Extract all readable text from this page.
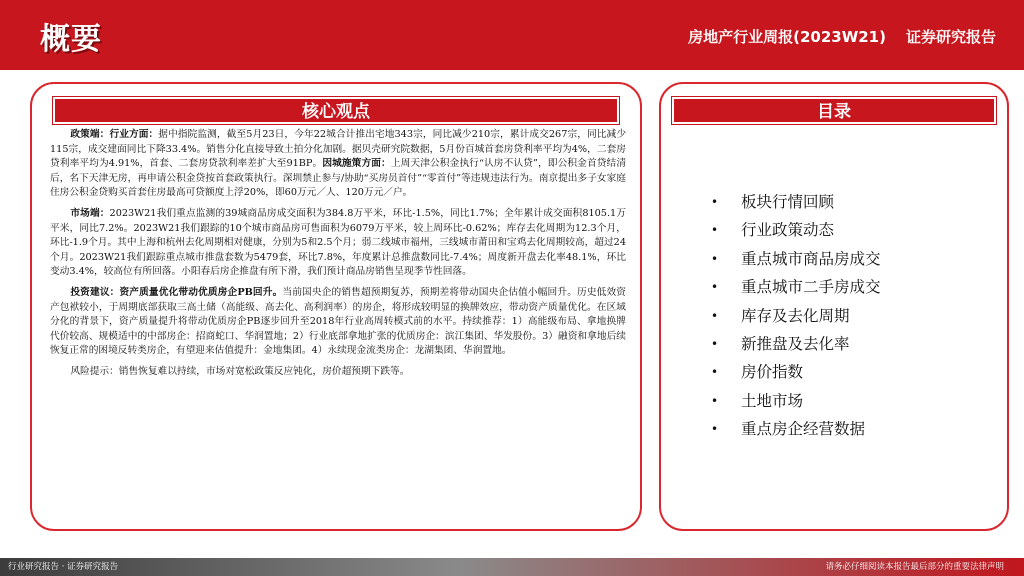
概要	房地产行业周报(2023W21) 证券研究报告
核心观点

政策端：行业方面：据中指院监测，截至5月23日，今年22城合计推出宅地343宗，同比减少210宗，累计成交267宗，同比减少115宗，成交建面同比下降33.4%。销售分化直接导致土拍分化加剧。据贝壳研究院数据，5月份百城首套房贷利率平均为4%，二套房贷利率平均为4.91%，首套、二套房贷款利率差扩大至91BP。因城施策方面：上周天津公积金执行“认房不认贷”，即公积金首贷结清后，名下天津无房，再申请公积金贷按首套政策执行。深圳禁止参与/协助“买房员首付”“零首付”等违规违法行为。南京提出多子女家庭住房公积金贷购买首套住房最高可贷额度上浮20%，即60万元／人、120万元／户。

市场端：2023W21我们重点监测的39城商品房成交面积为384.8万平米，环比-1.5%，同比1.7%；全年累计成交面积8105.1万平米，同比7.2%。2023W21我们跟踪的10个城市商品房可售面积为6079万平米，较上周环比-0.62%；库存去化周期为12.3个月，环比-1.9个月。其中上海和杭州去化周期相对健康，分别为5和2.5个月；弱二线城市福州，三线城市莆田和宝鸡去化周期较高，超过24个月。2023W21我们跟踪重点城市推盘套数为5479套，环比7.8%，年度累计总推盘数同比-7.4%；周度新开盘去化率48.1%，环比变动3.4%，较高位有所回落。小阳春后房企推盘有所下滑，我们预计商品房销售呈现季节性回落。

投资建议：资产质量优化带动优质房企PB回升。当前国央企的销售超预期复苏，预期差将带动国央企估值小幅回升。历史低效资产包袱较小，于周期底部获取三高土储（高能级、高去化、高利润率）的房企，将形成较明显的换牌效应，带动资产质量优化。在区域分化的背景下，资产质量提升将带动优质房企PB逐步回升至2018年行业高周转模式前的水平。持续推荐：1）高能级布局、拿地换牌代价较高、规模适中的中部房企：招商蛇口、华润置地；2）行业底部拿地扩张的优质房企：滨江集团、华发股份。3）融资和拿地后续恢复正常的困境反转类房企，有望迎来估值提升：金地集团。4）永续现金流类房企：龙湖集团、华润置地。

风险提示：销售恢复难以持续，市场对宽松政策反应钝化，房价超预期下跌等。

目录
• 板块行情回顾
• 行业政策动态
• 重点城市商品房成交
• 重点城市二手房成交
• 库存及去化周期
• 新推盘及去化率
• 房价指数
• 土地市场
• 重点房企经营数据
行业研究报告 · 证券研究报告	请务必仔细阅读本报告最后部分的重要法律声明
